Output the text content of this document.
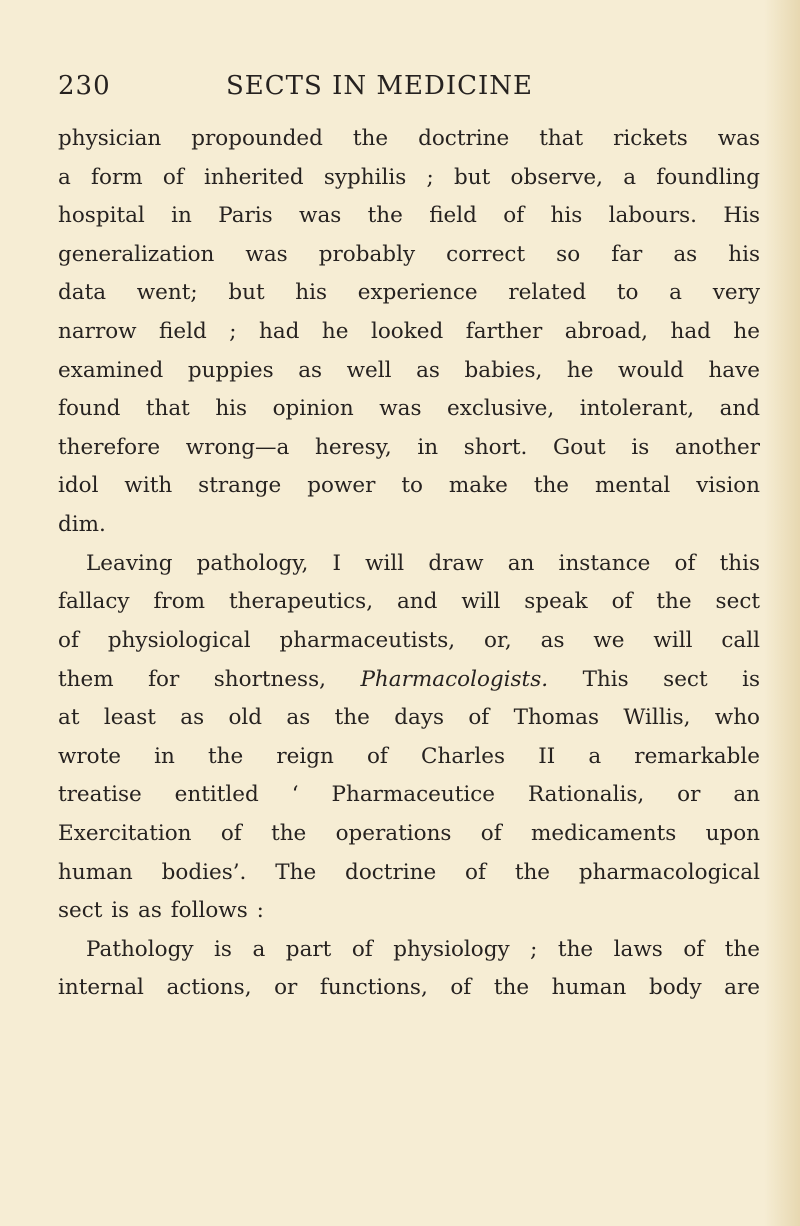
230	SECTS IN MEDICINE
physician propounded the doctrine that rickets was
a form of inherited syphilis ; but observe, a foundling
hospital in Paris was the field of his labours. His
generalization was probably correct so far as his
data went; but his experience related to a very
narrow field ; had he looked farther abroad, had he
examined puppies as well as babies, he would have
found that his opinion was exclusive, intolerant, and
therefore wrong—a heresy, in short. Gout is another
idol with strange power to make the mental vision
dim.
Leaving pathology, I will draw an instance of this
fallacy from therapeutics, and will speak of the sect
of physiological pharmaceutists, or, as we will call
them for shortness, Pharmacologists. This sect is
at least as old as the days of Thomas Willis, who
wrote in the reign of Charles II a remarkable
treatise entitled ‘ Pharmaceutice Rationalis, or an
Exercitation of the operations of medicaments upon
human bodies’. The doctrine of the pharmacological
sect is as follows :
Pathology is a part of physiology ; the laws of the
internal actions, or functions, of the human body are
